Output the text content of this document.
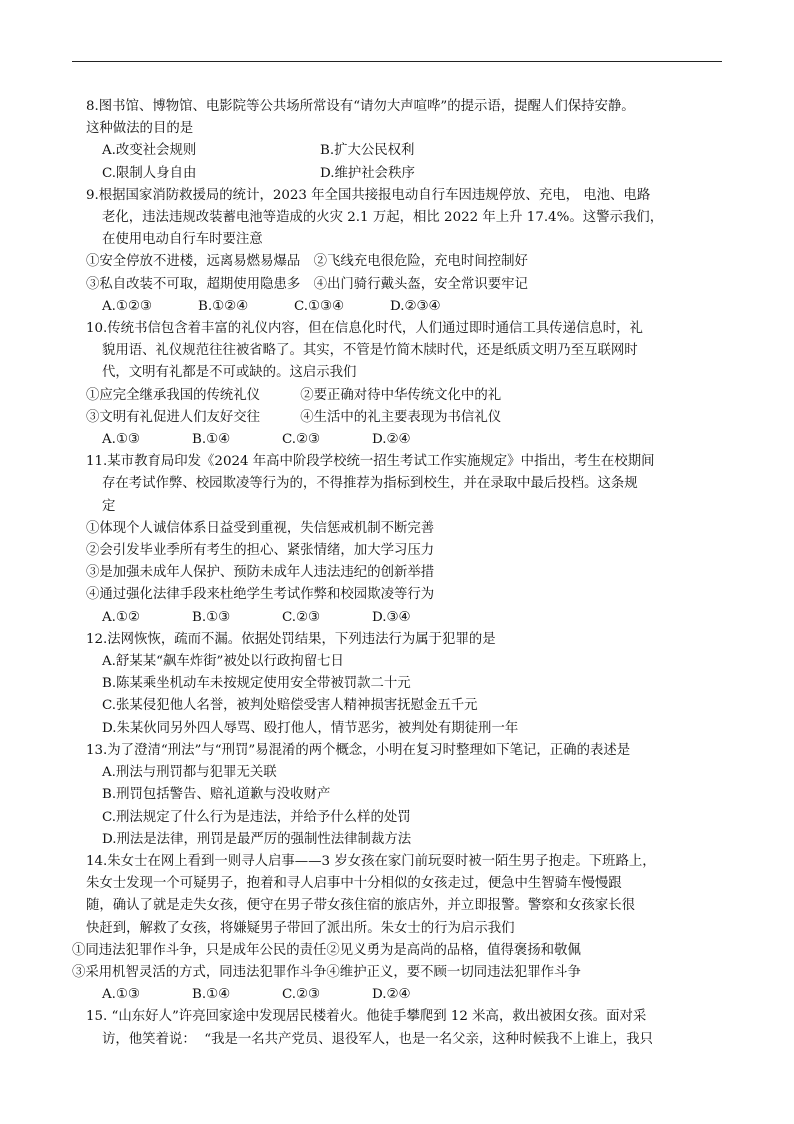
8.图书馆、博物馆、电影院等公共场所常设有“请勿大声喧哗”的提示语，提醒人们保持安静。
这种做法的目的是
A.改变社会规则	B.扩大公民权利
C.限制人身自由	D.维护社会秩序
9.根据国家消防救援局的统计，2023 年全国共接报电动自行车因违规停放、充电， 电池、电路
老化，违法违规改装蓄电池等造成的火灾 2.1 万起，相比 2022 年上升 17.4%。这警示我们，
在使用电动自行车时要注意
①安全停放不进楼，远离易燃易爆品　②飞线充电很危险，充电时间控制好
③私自改装不可取，超期使用隐患多　④出门骑行戴头盔，安全常识要牢记
A.①②③	B.①②④	C.①③④	D.②③④
10.传统书信包含着丰富的礼仪内容，但在信息化时代，人们通过即时通信工具传递信息时，礼
貌用语、礼仪规范往往被省略了。其实，不管是竹简木牍时代，还是纸质文明乃至互联网时
代，文明有礼都是不可或缺的。这启示我们
①应完全继承我国的传统礼仪　　　②要正确对待中华传统文化中的礼
③文明有礼促进人们友好交往　　　④生活中的礼主要表现为书信礼仪
A.①③	B.①④	C.②③	D.②④
11.某市教育局印发《2024 年高中阶段学校统一招生考试工作实施规定》中指出，考生在校期间
存在考试作弊、校园欺凌等行为的，不得推荐为指标到校生，并在录取中最后投档。这条规
定
①体现个人诚信体系日益受到重视，失信惩戒机制不断完善
②会引发毕业季所有考生的担心、紧张情绪，加大学习压力
③是加强未成年人保护、预防未成年人违法违纪的创新举措
④通过强化法律手段来杜绝学生考试作弊和校园欺凌等行为
A.①②	B.①③	C.②③	D.③④
12.法网恢恢，疏而不漏。依据处罚结果，下列违法行为属于犯罪的是
A.舒某某“飙车炸街”被处以行政拘留七日
B.陈某乘坐机动车未按规定使用安全带被罚款二十元
C.张某侵犯他人名誉，被判处赔偿受害人精神损害抚慰金五千元
D.朱某伙同另外四人辱骂、殴打他人，情节恶劣，被判处有期徒刑一年
13.为了澄清“刑法”与“刑罚”易混淆的两个概念，小明在复习时整理如下笔记，正确的表述是
A.刑法与刑罚都与犯罪无关联
B.刑罚包括警告、赔礼道歉与没收财产
C.刑法规定了什么行为是违法，并给予什么样的处罚
D.刑法是法律，刑罚是最严厉的强制性法律制裁方法
14.朱女士在网上看到一则寻人启事——3 岁女孩在家门前玩耍时被一陌生男子抱走。下班路上，
朱女士发现一个可疑男子，抱着和寻人启事中十分相似的女孩走过，便急中生智骑车慢慢跟
随，确认了就是走失女孩，便守在男子带女孩住宿的旅店外，并立即报警。警察和女孩家长很
快赶到，解救了女孩，将嫌疑男子带回了派出所。朱女士的行为启示我们
①同违法犯罪作斗争，只是成年公民的责任②见义勇为是高尚的品格，值得褒扬和敬佩
③采用机智灵活的方式，同违法犯罪作斗争④维护正义，要不顾一切同违法犯罪作斗争
A.①③	B.①④	C.②③	D.②④
15. “山东好人”许亮回家途中发现居民楼着火。他徒手攀爬到 12 米高，救出被困女孩。面对采
访，他笑着说：  “我是一名共产党员、退役军人，也是一名父亲，这种时候我不上谁上，我只
